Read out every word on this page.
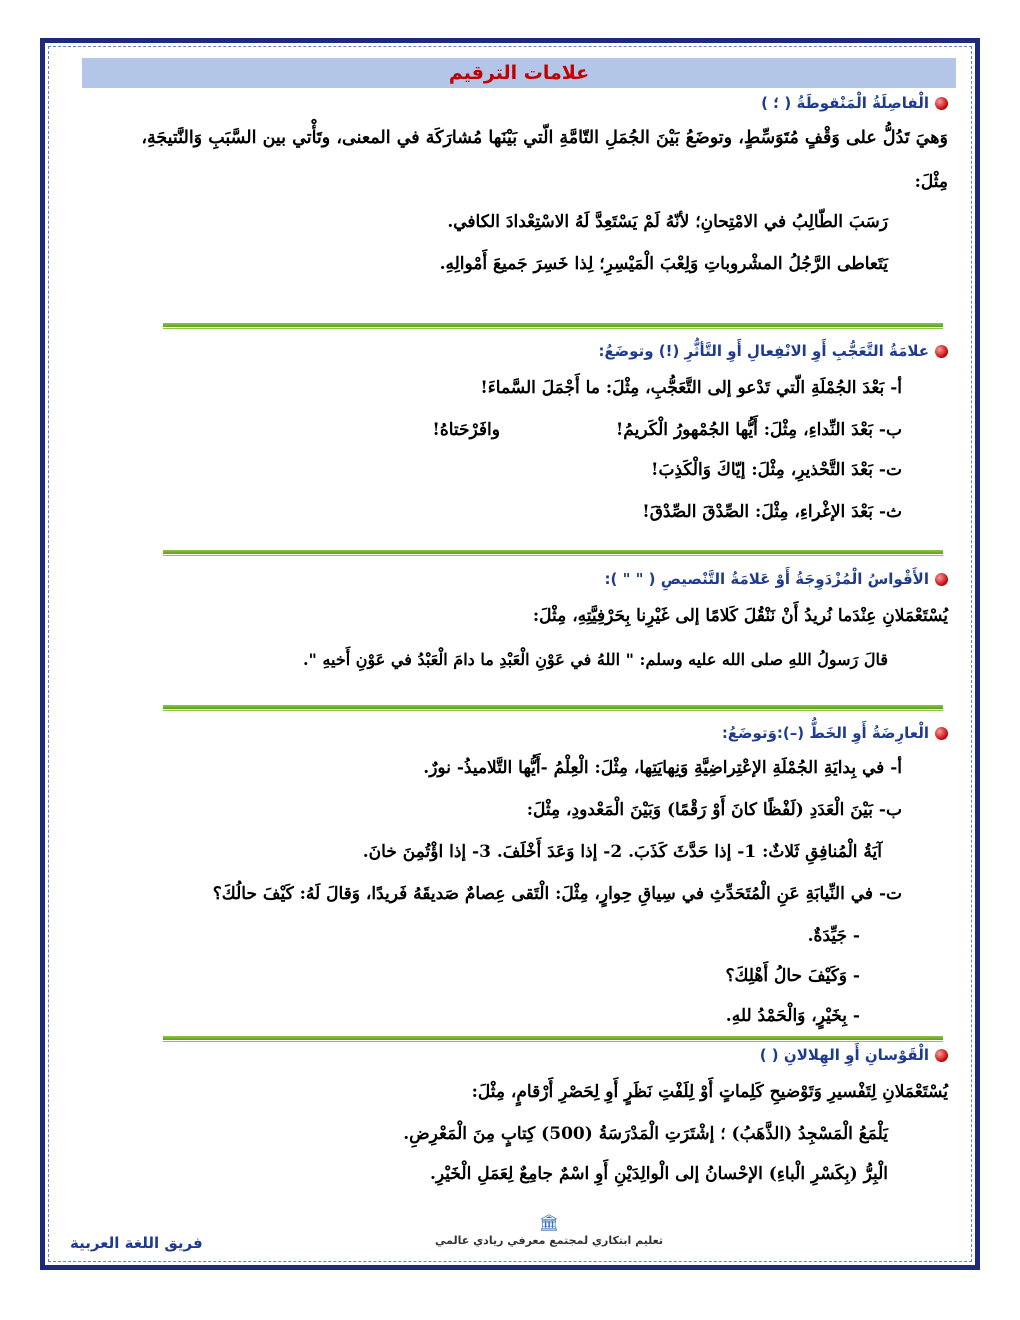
علامات الترقيم
الْفاصِلَةُ الْمَنْقوطَةُ ( ؛ )
وَهيَ تَدُلُّ على وَقْفٍ مُتَوَسِّطٍ، وتوضَعُ بَيْنَ الجُمَلِ التّامَّةِ الّتي بَيْنَها مُشارَكَة في المعنى، وتَأْتي بين السَّبَبِ وَالنَّتيجَةِ،
مِثْلَ:
رَسَبَ الطّالِبُ في الامْتِحانِ؛ لأنّهُ لَمْ يَسْتَعِدَّ لَهُ الاسْتِعْدادَ الكافي.
يَتَعاطى الرَّجُلُ المشْروباتِ وَلِعْبَ الْمَيْسِرِ؛ لِذا خَسِرَ جَميعَ أَمْوالِهِ.
علامَةُ التَّعَجُّبِ أَوِ الانْفِعالِ أَوِ التَّأثُّرِ (!) وتوضَعُ:
أ- بَعْدَ الجُمْلَةِ الّتي تَدْعو إلى التَّعَجُّبِ، مِثْلَ: ما أَجْمَلَ السَّماءَ!
ب- بَعْدَ النِّداءِ، مِثْلَ: أَيُّها الجُمْهورُ الْكَريمُ!
وافَرْحَتاهُ!
ت- بَعْدَ التَّحْذيرِ، مِثْلَ: إيّاكَ وَالْكَذِبَ!
ث- بَعْدَ الإغْراءِ، مِثْلَ: الصِّدْقَ الصِّدْقَ!
الأَقْواسُ الْمُزْدَوِجَةُ أَوْ عَلامَةُ التَّنْصيصِ ( " " ):
يُسْتَعْمَلانِ عِنْدَما نُريدُ أَنْ نَنْقُلَ كَلامًا إلى غَيْرِنا بِحَرْفِيَّتِهِ، مِثْلَ:
قالَ رَسولُ اللهِ صلى الله عليه وسلم: " اللهُ في عَوْنِ الْعَبْدِ ما دامَ الْعَبْدُ في عَوْنِ أَخيهِ ".
الْعارِضَةُ أَوِ الخَطُّ (–):وَتوضَعُ:
أ- في بِدايَةِ الجُمْلَةِ الإعْتِراضِيَّةِ وَنِهايَتِها، مِثْلَ: الْعِلْمُ -أَيُّها التَّلاميذُ- نورٌ.
ب- بَيْنَ الْعَدَدِ (لَفْظًا كانَ أَوْ رَقْمًا) وَبَيْنَ الْمَعْدودِ، مِثْلَ:
آيَةُ الْمُنافِقِ ثَلاثٌ: 1- إذا حَدَّثَ كَذَبَ. 2- إذا وَعَدَ أَخْلَفَ. 3- إذا اؤْتُمِنَ خانَ.
ت- في النِّيابَةِ عَنِ الْمُتَحَدِّثِ في سِياقِ حِوارٍ، مِثْلَ: الْتَقى عِصامٌ صَديقَهُ فَريدًا، وَقالَ لَهُ: كَيْفَ حالُكَ؟
- جَيِّدَةٌ.
- وَكَيْفَ حالُ أَهْلِكَ؟
- بِخَيْرٍ، وَالْحَمْدُ للهِ.
الْقَوْسانِ أَوِ الهِلالانِ ( )
يُسْتَعْمَلانِ لِتَفْسيرِ وَتَوْضيحِ كَلِماتٍ أَوْ لِلَفْتِ نَظَرٍ أَوِ لِحَصْرِ أَرْقامٍ، مِثْلَ:
يَلْمَعُ الْمَسْجِدُ (الذَّهَبُ) ؛ إشْتَرَتِ الْمَدْرَسَةُ (500) كِتابٍ مِنَ الْمَعْرِضِ.
الْبِرُّ (بِكَسْرِ الْباءِ) الإحْسانُ إلى الْوالِدَيْنِ أَوِ اسْمٌ جامِعٌ لِعَمَلِ الْخَيْرِ.
🏛
تعليم ابتكاري لمجتمع معرفي ريادي عالمي
فريق اللغة العربية
